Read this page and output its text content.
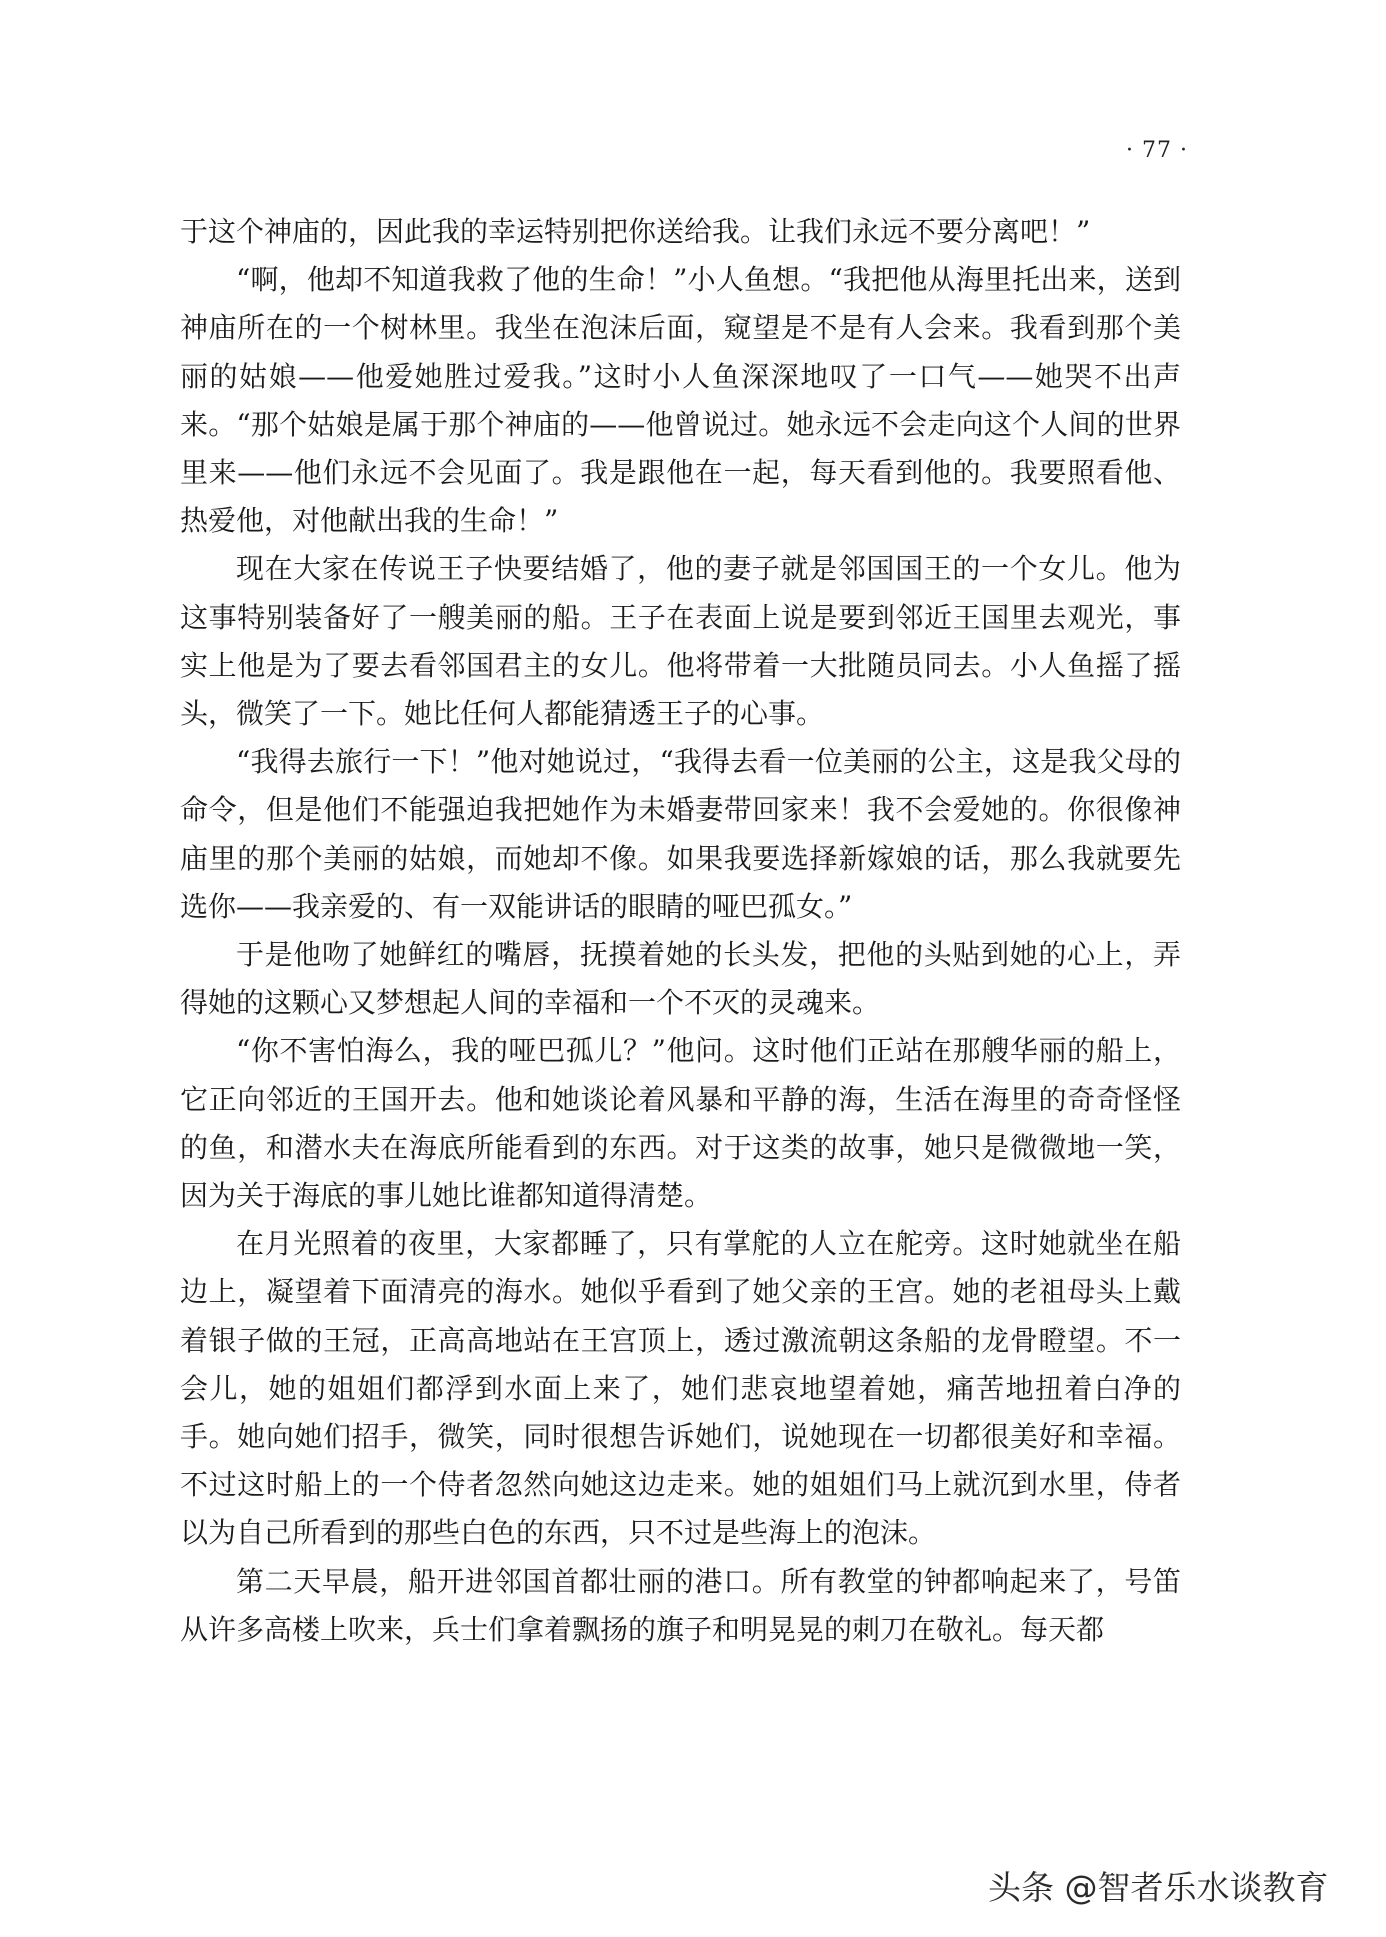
· 77 ·

于这个神庙的，因此我的幸运特别把你送给我。让我们永远不要分离吧！”

“啊，他却不知道我救了他的生命！”小人鱼想。“我把他从海里托出来，送到神庙所在的一个树林里。我坐在泡沫后面，窥望是不是有人会来。我看到那个美丽的姑娘——他爱她胜过爱我。”这时小人鱼深深地叹了一口气——她哭不出声来。“那个姑娘是属于那个神庙的——他曾说过。她永远不会走向这个人间的世界里来——他们永远不会见面了。我是跟他在一起，每天看到他的。我要照看他、热爱他，对他献出我的生命！”

现在大家在传说王子快要结婚了，他的妻子就是邻国国王的一个女儿。他为这事特别装备好了一艘美丽的船。王子在表面上说是要到邻近王国里去观光，事实上他是为了要去看邻国君主的女儿。他将带着一大批随员同去。小人鱼摇了摇头，微笑了一下。她比任何人都能猜透王子的心事。

“我得去旅行一下！”他对她说过，“我得去看一位美丽的公主，这是我父母的命令，但是他们不能强迫我把她作为未婚妻带回家来！我不会爱她的。你很像神庙里的那个美丽的姑娘，而她却不像。如果我要选择新嫁娘的话，那么我就要先选你——我亲爱的、有一双能讲话的眼睛的哑巴孤女。”

于是他吻了她鲜红的嘴唇，抚摸着她的长头发，把他的头贴到她的心上，弄得她的这颗心又梦想起人间的幸福和一个不灭的灵魂来。

“你不害怕海么，我的哑巴孤儿？”他问。这时他们正站在那艘华丽的船上，它正向邻近的王国开去。他和她谈论着风暴和平静的海，生活在海里的奇奇怪怪的鱼，和潜水夫在海底所能看到的东西。对于这类的故事，她只是微微地一笑，因为关于海底的事儿她比谁都知道得清楚。

在月光照着的夜里，大家都睡了，只有掌舵的人立在舵旁。这时她就坐在船边上，凝望着下面清亮的海水。她似乎看到了她父亲的王宫。她的老祖母头上戴着银子做的王冠，正高高地站在王宫顶上，透过激流朝这条船的龙骨瞪望。不一会儿，她的姐姐们都浮到水面上来了，她们悲哀地望着她，痛苦地扭着白净的手。她向她们招手，微笑，同时很想告诉她们，说她现在一切都很美好和幸福。不过这时船上的一个侍者忽然向她这边走来。她的姐姐们马上就沉到水里，侍者以为自己所看到的那些白色的东西，只不过是些海上的泡沫。

第二天早晨，船开进邻国首都壮丽的港口。所有教堂的钟都响起来了，号笛从许多高楼上吹来，兵士们拿着飘扬的旗子和明晃晃的刺刀在敬礼。每天都

头条 @智者乐水谈教育
